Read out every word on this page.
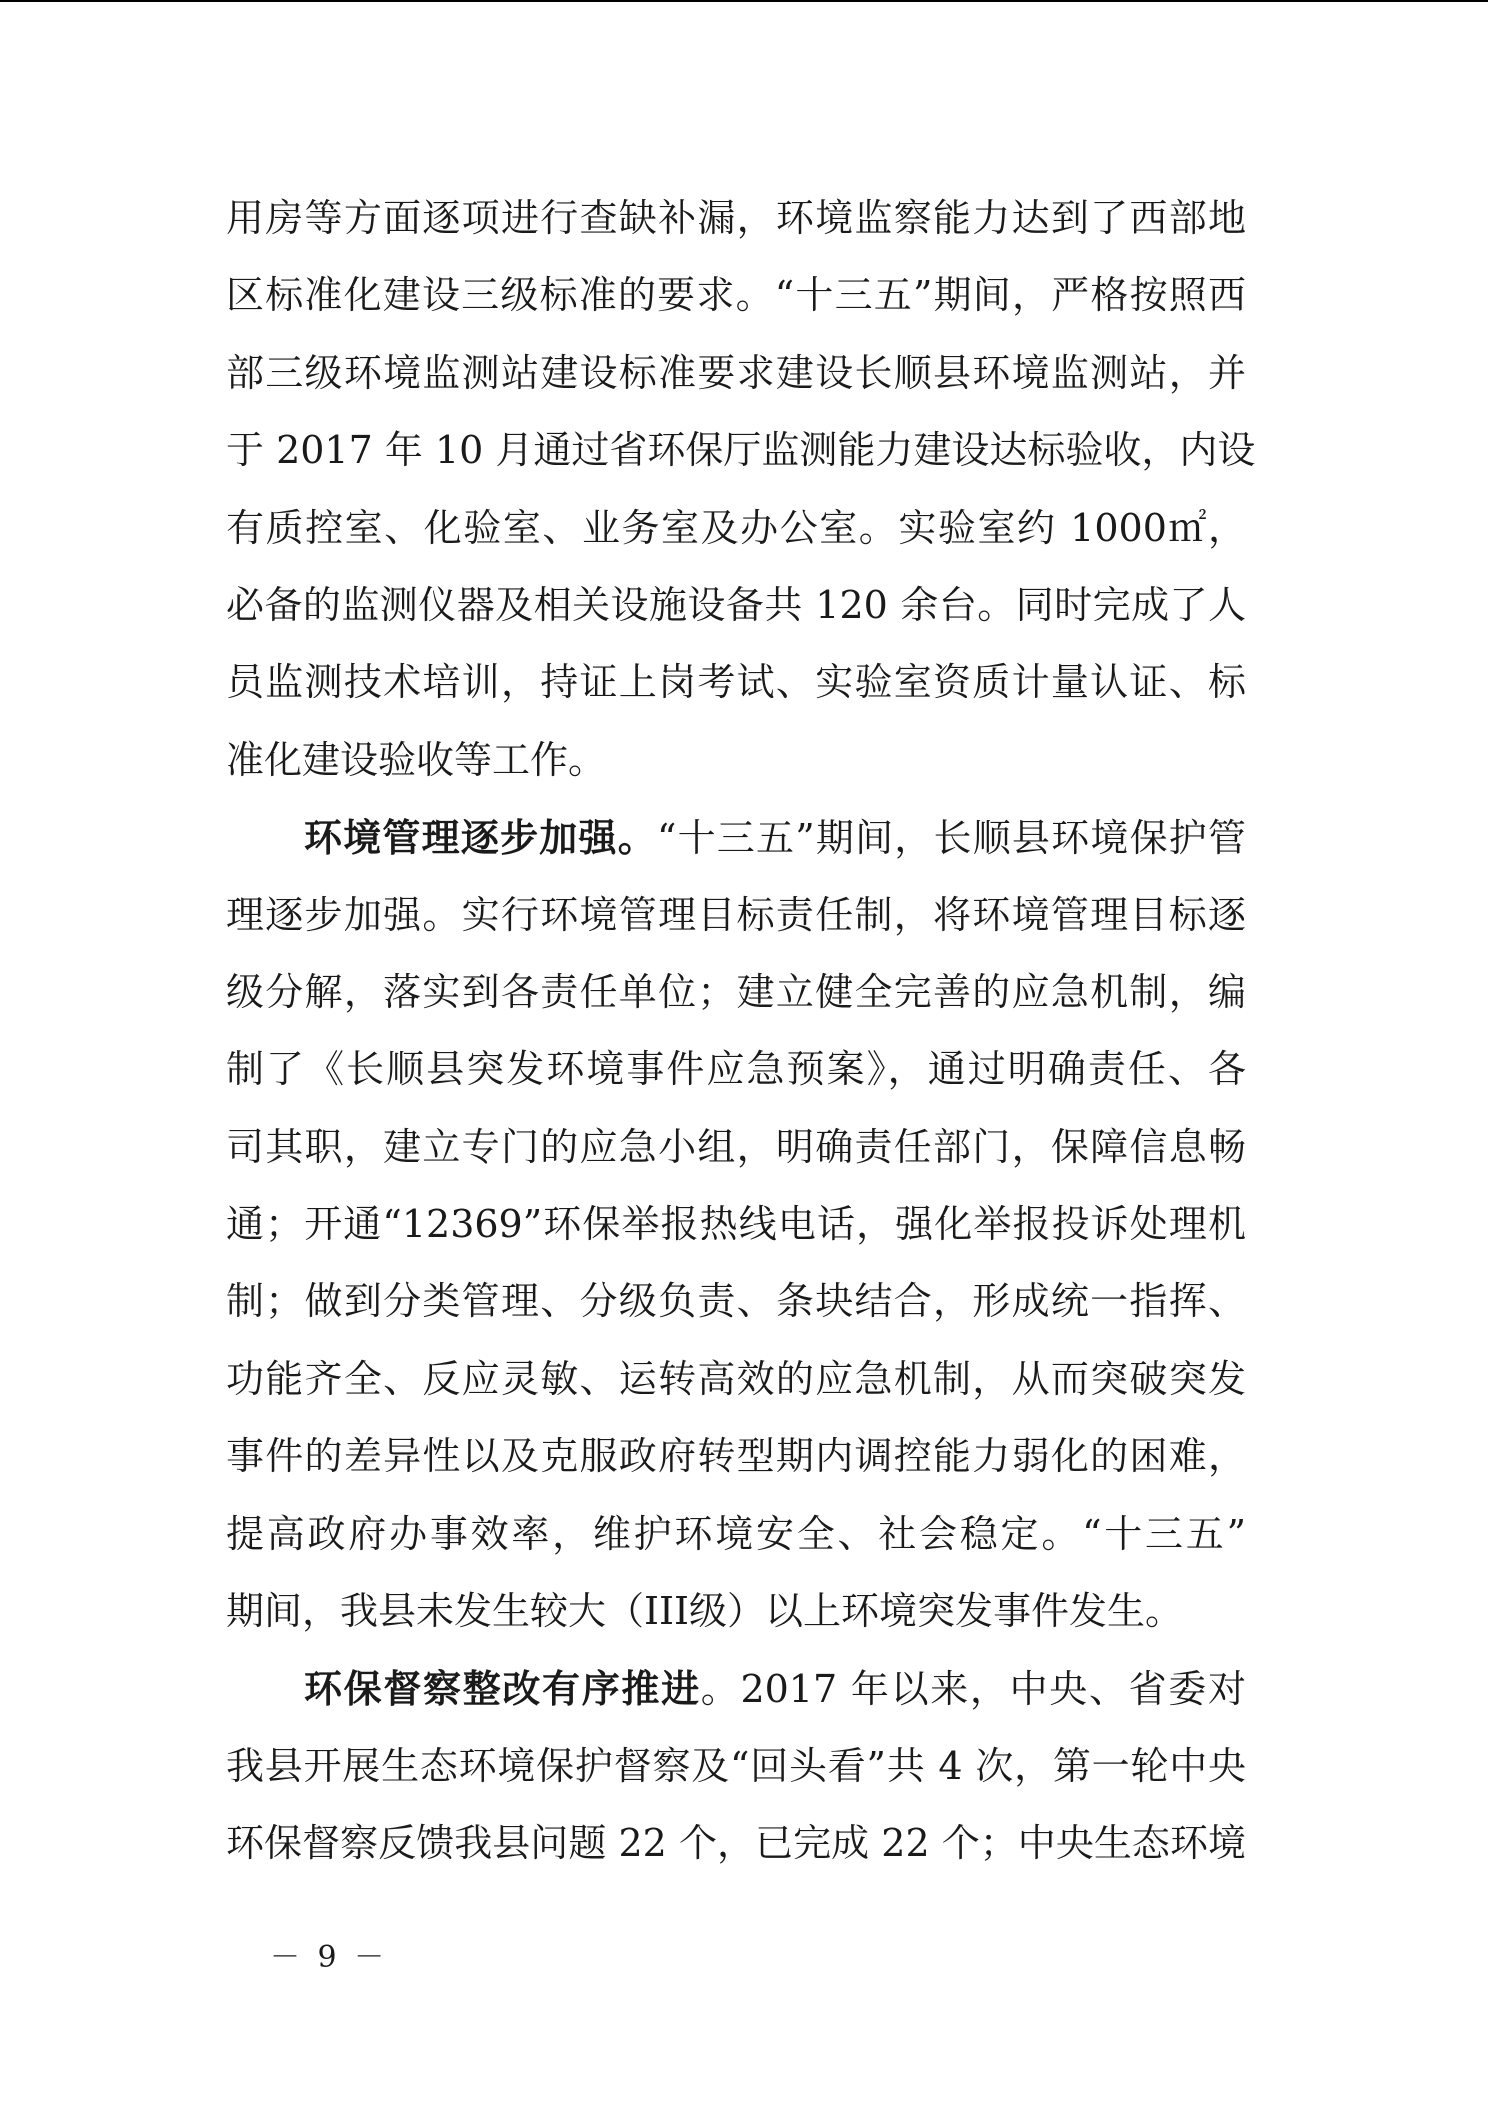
用房等方面逐项进行查缺补漏，环境监察能力达到了西部地
区标准化建设三级标准的要求。“十三五”期间，严格按照西
部三级环境监测站建设标准要求建设长顺县环境监测站，并
于 2017 年 10 月通过省环保厅监测能力建设达标验收，内设
有质控室、化验室、业务室及办公室。实验室约 1000㎡，
必备的监测仪器及相关设施设备共 120 余台。同时完成了人
员监测技术培训，持证上岗考试、实验室资质计量认证、标
准化建设验收等工作。
环境管理逐步加强。“十三五”期间，长顺县环境保护管
理逐步加强。实行环境管理目标责任制，将环境管理目标逐
级分解，落实到各责任单位；建立健全完善的应急机制，编
制了《长顺县突发环境事件应急预案》，通过明确责任、各
司其职，建立专门的应急小组，明确责任部门，保障信息畅
通；开通“12369”环保举报热线电话，强化举报投诉处理机
制；做到分类管理、分级负责、条块结合，形成统一指挥、
功能齐全、反应灵敏、运转高效的应急机制，从而突破突发
事件的差异性以及克服政府转型期内调控能力弱化的困难，
提高政府办事效率，维护环境安全、社会稳定。“十三五”
期间，我县未发生较大（III级）以上环境突发事件发生。
环保督察整改有序推进。2017 年以来，中央、省委对
我县开展生态环境保护督察及“回头看”共 4 次，第一轮中央
环保督察反馈我县问题 22 个，已完成 22 个；中央生态环境
－ 9 －
